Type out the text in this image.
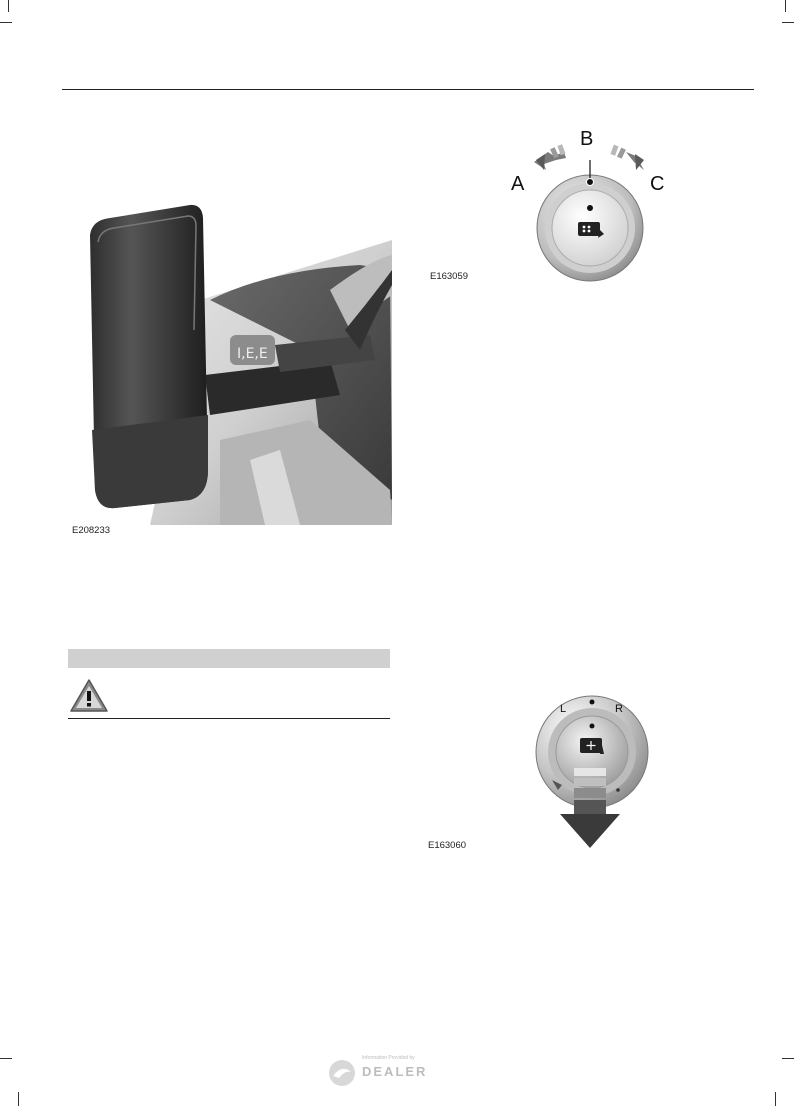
I,E,E
E208233
A
B
C
E163059
L	R
E163060
Information Provided by
DEALER
